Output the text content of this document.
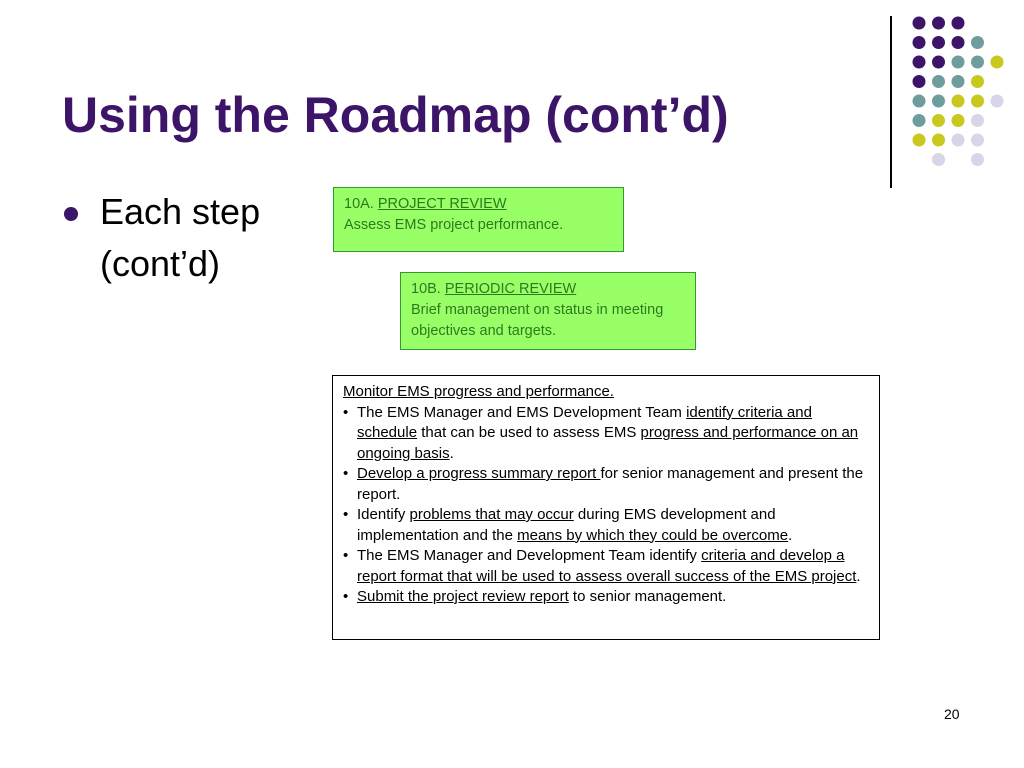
Using the Roadmap (cont’d)
Each step (cont’d)
10A. PROJECT REVIEW
Assess EMS project performance.
10B. PERIODIC REVIEW
Brief management on status in meeting objectives and targets.
Monitor EMS progress and performance.
• The EMS Manager and EMS Development Team identify criteria and schedule that can be used to assess EMS progress and performance on an ongoing basis.
• Develop a progress summary report for senior management and present the report.
• Identify problems that may occur during EMS development and implementation and the means by which they could be overcome.
• The EMS Manager and Development Team identify criteria and develop a report format that will be used to assess overall success of the EMS project.
• Submit the project review report to senior management.
20
